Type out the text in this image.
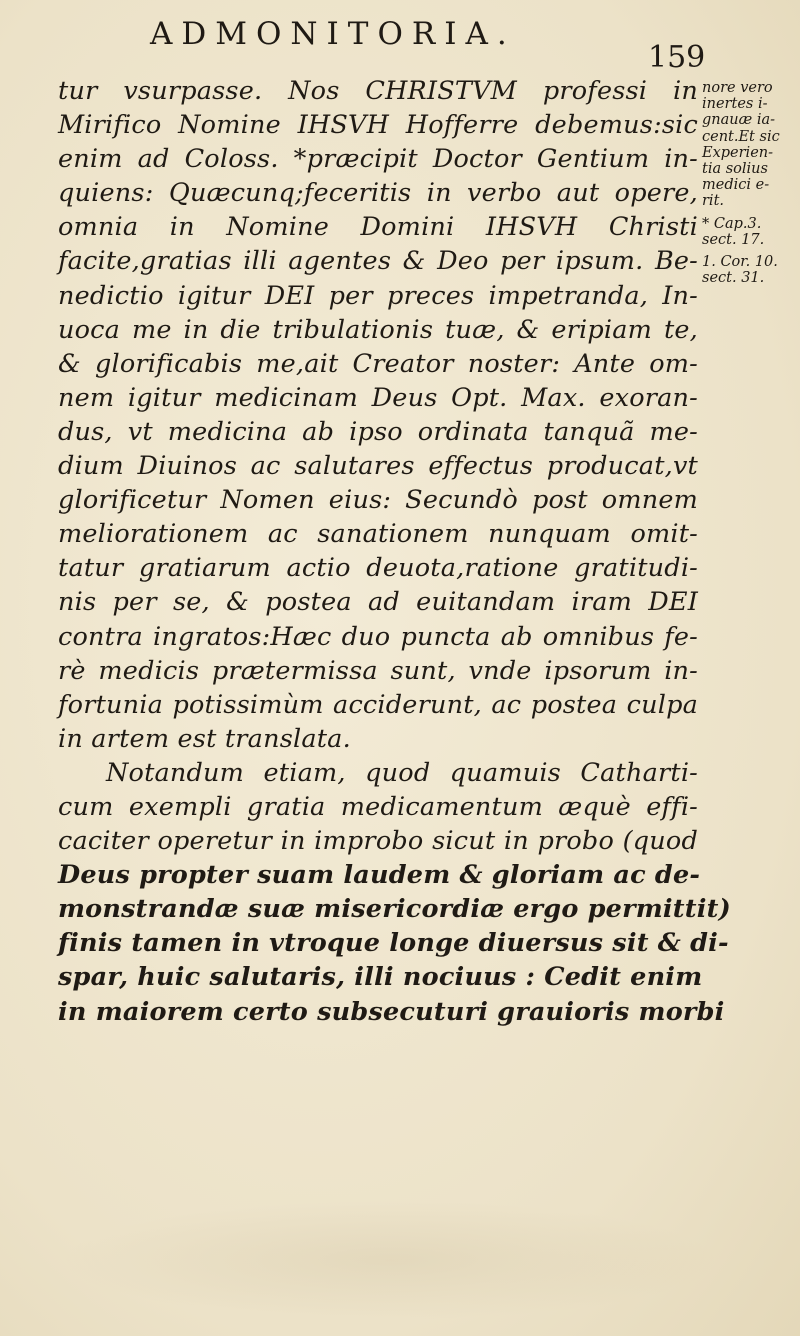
ADMONITORIA.
159
tur vsurpasse. Nos CHRISTVM professi in
Mirifico Nomine IHSVH Hofferre debemus:sic
enim ad Coloss. *præcipit Doctor Gentium in-
quiens: Quæcunq;feceritis in verbo aut opere,
omnia in Nomine Domini IHSVH Christi
facite,gratias illi agentes & Deo per ipsum. Be-
nedictio igitur DEI per preces impetranda, In-
uoca me in die tribulationis tuæ, & eripiam te,
& glorificabis me,ait Creator noster: Ante om-
nem igitur medicinam Deus Opt. Max. exoran-
dus, vt medicina ab ipso ordinata tanquã me-
dium Diuinos ac salutares effectus producat,vt
glorificetur Nomen eius: Secundò post omnem
meliorationem ac sanationem nunquam omit-
tatur gratiarum actio deuota,ratione gratitudi-
nis per se, & postea ad euitandam iram DEI
contra ingratos:Hæc duo puncta ab omnibus fe-
rè medicis prætermissa sunt, vnde ipsorum in-
fortunia potissimùm acciderunt, ac postea culpa
in artem est translata.
Notandum etiam, quod quamuis Catharti-
cum exempli gratia medicamentum æquè effi-
caciter operetur in improbo sicut in probo (quod
Deus propter suam laudem & gloriam ac de-
monstrandæ suæ misericordiæ ergo permittit)
finis tamen in vtroque longe diuersus sit & di-
spar, huic salutaris, illi nociuus : Cedit enim
in maiorem certo subsecuturi grauioris morbi
nore vero
inertes i-
gnauæ ia-
cent.Et sic
Experien-
tia solius
medici e-
rit.
* Cap.3.
sect. 17.
1. Cor. 10.
sect. 31.
